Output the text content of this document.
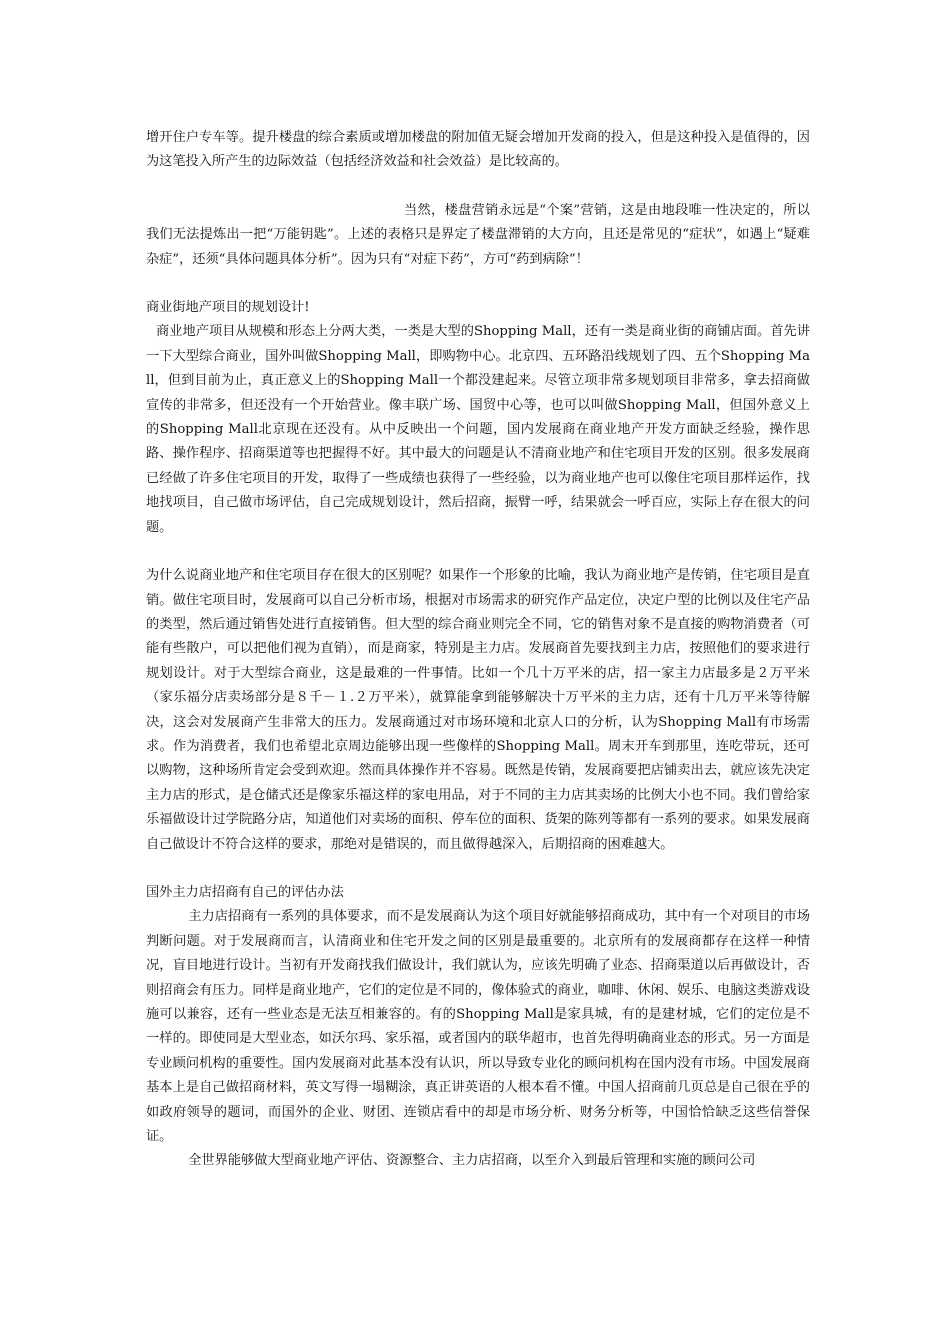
增开住户专车等。提升楼盘的综合素质或增加楼盘的附加值无疑会增加开发商的投入，但是这种投入是值得的，因为这笔投入所产生的边际效益（包括经济效益和社会效益）是比较高的。

当然，楼盘营销永远是“个案”营销，这是由地段唯一性决定的，所以我们无法提炼出一把“万能钥匙”。上述的表格只是界定了楼盘滞销的大方向，且还是常见的“症状”，如遇上“疑难杂症”，还须“具体问题具体分析”。因为只有“对症下药”，方可“药到病除”！

商业街地产项目的规划设计!

商业地产项目从规模和形态上分两大类，一类是大型的Shopping Mall，还有一类是商业街的商铺店面。首先讲一下大型综合商业，国外叫做Shopping Mall，即购物中心。北京四、五环路沿线规划了四、五个Shopping Mall，但到目前为止，真正意义上的Shopping Mall一个都没建起来。尽管立项非常多规划项目非常多，拿去招商做宣传的非常多，但还没有一个开始营业。像丰联广场、国贸中心等，也可以叫做Shopping Mall，但国外意义上的Shopping Mall北京现在还没有。从中反映出一个问题，国内发展商在商业地产开发方面缺乏经验，操作思路、操作程序、招商渠道等也把握得不好。其中最大的问题是认不清商业地产和住宅项目开发的区别。很多发展商已经做了许多住宅项目的开发，取得了一些成绩也获得了一些经验，以为商业地产也可以像住宅项目那样运作，找地找项目，自己做市场评估，自己完成规划设计，然后招商，振臂一呼，结果就会一呼百应，实际上存在很大的问题。

为什么说商业地产和住宅项目存在很大的区别呢？如果作一个形象的比喻，我认为商业地产是传销，住宅项目是直销。做住宅项目时，发展商可以自己分析市场，根据对市场需求的研究作产品定位，决定户型的比例以及住宅产品的类型，然后通过销售处进行直接销售。但大型的综合商业则完全不同，它的销售对象不是直接的购物消费者（可能有些散户，可以把他们视为直销），而是商家，特别是主力店。发展商首先要找到主力店，按照他们的要求进行规划设计。对于大型综合商业，这是最难的一件事情。比如一个几十万平米的店，招一家主力店最多是２万平米（家乐福分店卖场部分是８千－１.２万平米），就算能拿到能够解决十万平米的主力店，还有十几万平米等待解决，这会对发展商产生非常大的压力。发展商通过对市场环境和北京人口的分析，认为Shopping Mall有市场需求。作为消费者，我们也希望北京周边能够出现一些像样的Shopping Mall。周末开车到那里，连吃带玩，还可以购物，这种场所肯定会受到欢迎。然而具体操作并不容易。既然是传销，发展商要把店铺卖出去，就应该先决定主力店的形式，是仓储式还是像家乐福这样的家电用品，对于不同的主力店其卖场的比例大小也不同。我们曾给家乐福做设计过学院路分店，知道他们对卖场的面积、停车位的面积、货架的陈列等都有一系列的要求。如果发展商自己做设计不符合这样的要求，那绝对是错误的，而且做得越深入，后期招商的困难越大。

国外主力店招商有自己的评估办法

主力店招商有一系列的具体要求，而不是发展商认为这个项目好就能够招商成功，其中有一个对项目的市场判断问题。对于发展商而言，认清商业和住宅开发之间的区别是最重要的。北京所有的发展商都存在这样一种情况，盲目地进行设计。当初有开发商找我们做设计，我们就认为，应该先明确了业态、招商渠道以后再做设计，否则招商会有压力。同样是商业地产，它们的定位是不同的，像体验式的商业，咖啡、休闲、娱乐、电脑这类游戏设施可以兼容，还有一些业态是无法互相兼容的。有的Shopping Mall是家具城，有的是建材城，它们的定位是不一样的。即使同是大型业态，如沃尔玛、家乐福，或者国内的联华超市，也首先得明确商业态的形式。另一方面是专业顾问机构的重要性。国内发展商对此基本没有认识，所以导致专业化的顾问机构在国内没有市场。中国发展商基本上是自己做招商材料，英文写得一塌糊涂，真正讲英语的人根本看不懂。中国人招商前几页总是自己很在乎的如政府领导的题词，而国外的企业、财团、连锁店看中的却是市场分析、财务分析等，中国恰恰缺乏这些信誉保证。

全世界能够做大型商业地产评估、资源整合、主力店招商，以至介入到最后管理和实施的顾问公司
